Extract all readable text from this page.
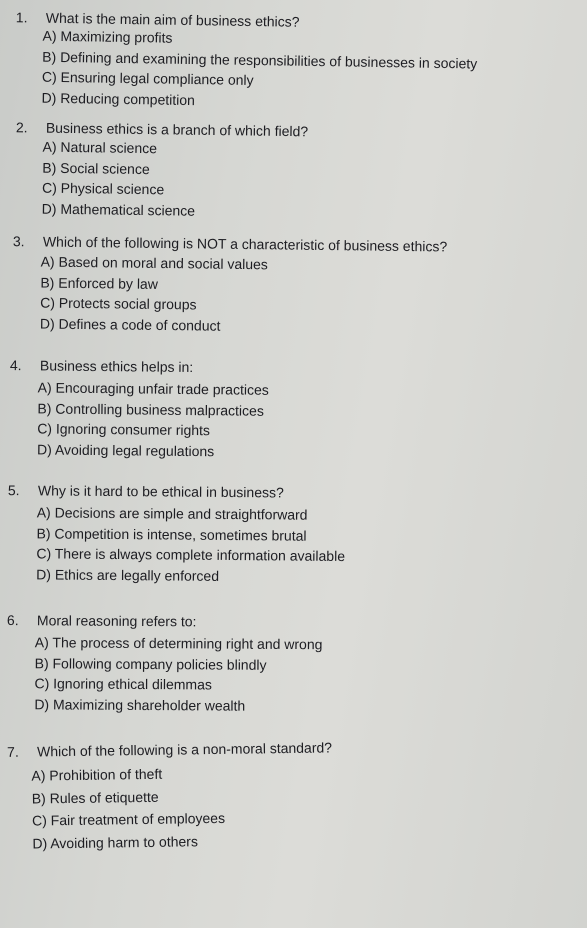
1. What is the main aim of business ethics?
A) Maximizing profits
B) Defining and examining the responsibilities of businesses in society
C) Ensuring legal compliance only
D) Reducing competition
2. Business ethics is a branch of which field?
A) Natural science
B) Social science
C) Physical science
D) Mathematical science
3. Which of the following is NOT a characteristic of business ethics?
A) Based on moral and social values
B) Enforced by law
C) Protects social groups
D) Defines a code of conduct
4. Business ethics helps in:
A) Encouraging unfair trade practices
B) Controlling business malpractices
C) Ignoring consumer rights
D) Avoiding legal regulations
5. Why is it hard to be ethical in business?
A) Decisions are simple and straightforward
B) Competition is intense, sometimes brutal
C) There is always complete information available
D) Ethics are legally enforced
6. Moral reasoning refers to:
A) The process of determining right and wrong
B) Following company policies blindly
C) Ignoring ethical dilemmas
D) Maximizing shareholder wealth
7. Which of the following is a non-moral standard?
A) Prohibition of theft
B) Rules of etiquette
C) Fair treatment of employees
D) Avoiding harm to others
